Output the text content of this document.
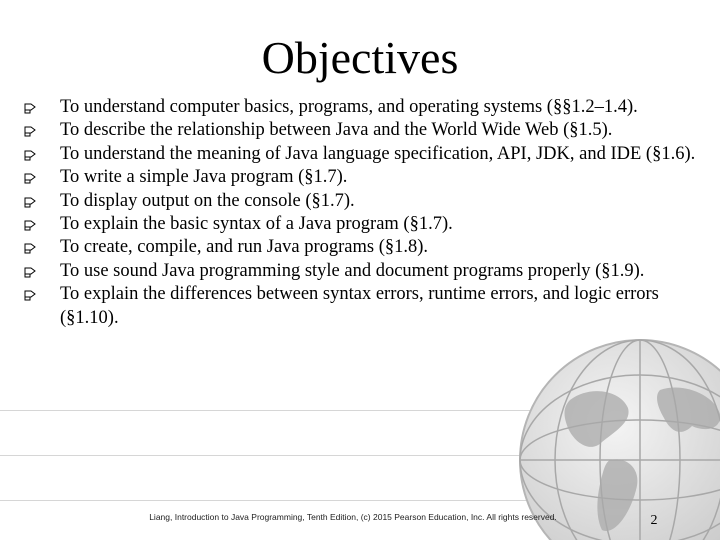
Objectives
To understand computer basics, programs, and operating systems (§§1.2–1.4).
To describe the relationship between Java and the World Wide Web (§1.5).
To understand the meaning of Java language specification, API, JDK, and IDE (§1.6).
To write a simple Java program (§1.7).
To display output on the console (§1.7).
To explain the basic syntax of a Java program (§1.7).
To create, compile, and run Java programs (§1.8).
To use sound Java programming style and document programs properly (§1.9).
To explain the differences between syntax errors, runtime errors, and logic errors (§1.10).
Liang, Introduction to Java Programming, Tenth Edition, (c) 2015 Pearson Education, Inc. All rights reserved.	2
